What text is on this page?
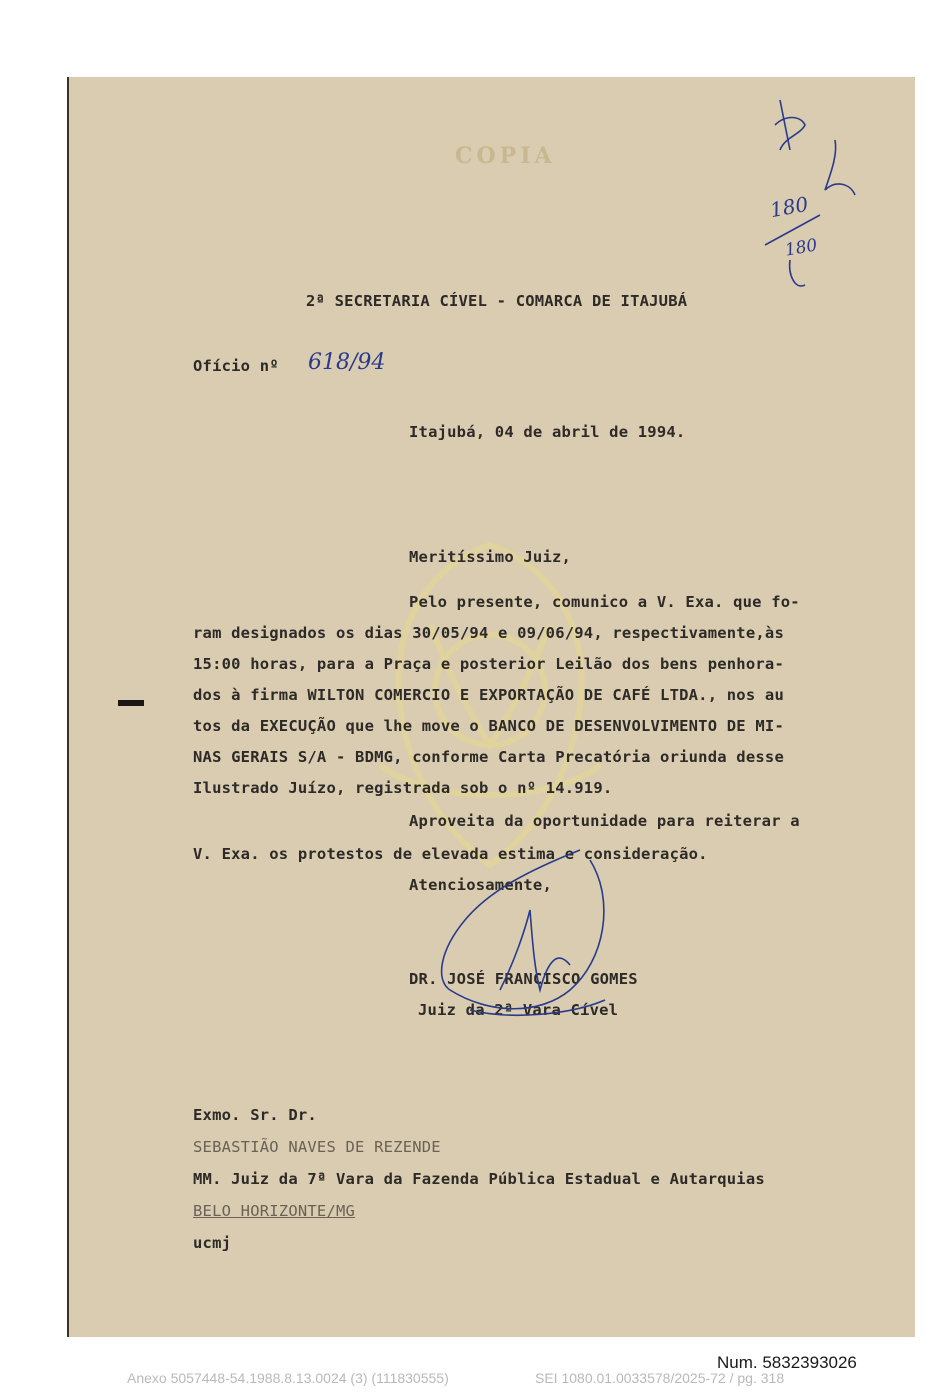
COPIA
2ª SECRETARIA CÍVEL - COMARCA DE ITAJUBÁ
Ofício nº 618/94
Itajubá, 04 de abril de 1994.
Meritíssimo Juiz,
Pelo presente, comunico a V. Exa. que fo-
ram designados os dias 30/05/94 e 09/06/94, respectivamente,às
15:00 horas, para a Praça e posterior Leilão dos bens penhora-
dos à firma WILTON COMERCIO E EXPORTAÇÃO DE CAFÉ LTDA., nos au
tos da EXECUÇÃO que lhe move o BANCO DE DESENVOLVIMENTO DE MI-
NAS GERAIS S/A - BDMG, conforme Carta Precatória oriunda desse
Ilustrado Juízo, registrada sob o nº 14.919.
Aproveita da oportunidade para reiterar a
V. Exa. os protestos de elevada estima e consideração.
Atenciosamente,
DR. JOSÉ FRANCISCO GOMES
Juiz da 2ª Vara Cível
Exmo. Sr. Dr.
SEBASTIÃO NAVES DE REZENDE
MM. Juiz da 7ª Vara da Fazenda Pública Estadual e Autarquias
BELO HORIZONTE/MG
ucmj
180
180
Num. 5832393026
Anexo 5057448-54.1988.8.13.0024 (3) (111830555)	SEI 1080.01.0033578/2025-72 / pg. 318
